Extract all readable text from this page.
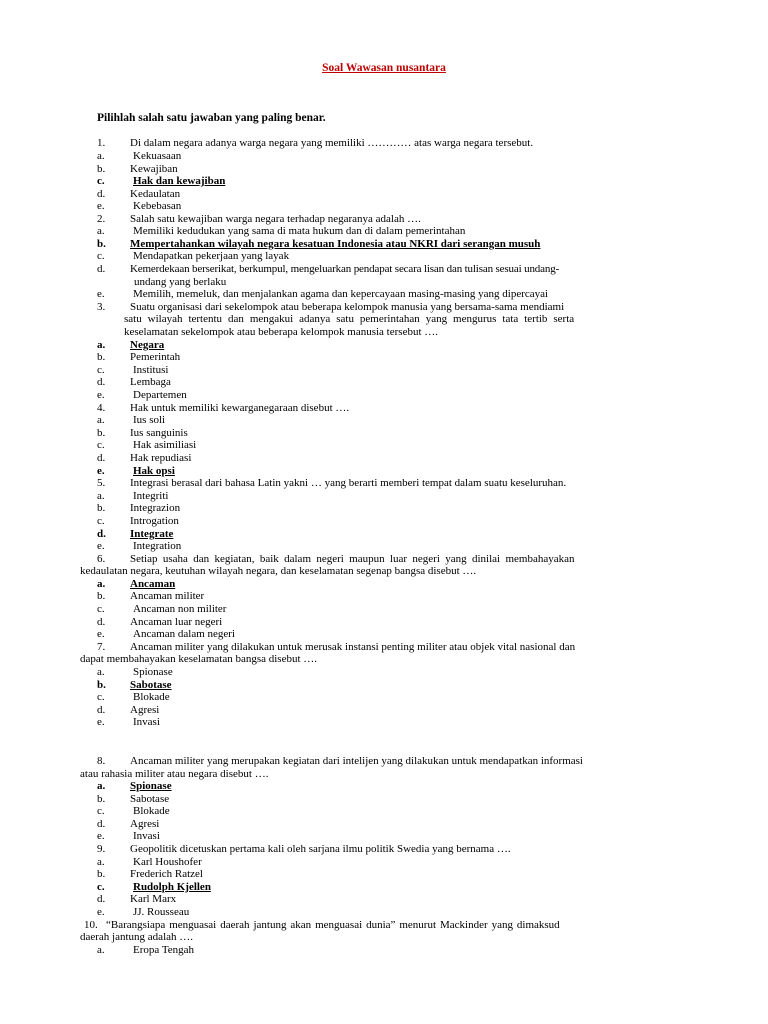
Soal Wawasan nusantara
Pilihlah salah satu jawaban yang paling benar.
1. Di dalam negara adanya warga negara yang memiliki ………… atas warga negara tersebut.
a.	Kekuasaan
b. Kewajiban
c.	Hak dan kewajiban
d. Kedaulatan
e.	Kebebasan
2. Salah satu kewajiban warga negara terhadap negaranya adalah ….
a.	Memiliki kedudukan yang sama di mata hukum dan di dalam pemerintahan
b. Mempertahankan wilayah negara kesatuan Indonesia atau NKRI dari serangan musuh
c.	Mendapatkan pekerjaan yang layak
d. Kemerdekaan berserikat, berkumpul, mengeluarkan pendapat secara lisan dan tulisan sesuai undang-
undang yang berlaku
e.	Memilih, memeluk, dan menjalankan agama dan kepercayaan masing-masing yang dipercayai
3. Suatu organisasi dari sekelompok atau beberapa kelompok manusia yang bersama-sama mendiami
satu wilayah tertentu dan mengakui adanya satu pemerintahan yang mengurus tata tertib serta
keselamatan sekelompok atau beberapa kelompok manusia tersebut ….
a. Negara
b. Pemerintah
c.	Institusi
d. Lembaga
e.	Departemen
4. Hak untuk memiliki kewarganegaraan disebut ….
a.	Ius soli
b. Ius sanguinis
c.	Hak asimiliasi
d. Hak repudiasi
e.	Hak opsi
5. Integrasi berasal dari bahasa Latin yakni … yang berarti memberi tempat dalam suatu keseluruhan.
a.	Integriti
b. Integrazion
c. Introgation
d. Integrate
e.	Integration
6. Setiap usaha dan kegiatan, baik dalam negeri maupun luar negeri yang dinilai membahayakan
kedaulatan negara, keutuhan wilayah negara, dan keselamatan segenap bangsa disebut ….
a. Ancaman
b. Ancaman militer
c.	Ancaman non militer
d. Ancaman luar negeri
e.	Ancaman dalam negeri
7. Ancaman militer yang dilakukan untuk merusak instansi penting militer atau objek vital nasional dan
dapat membahayakan keselamatan bangsa disebut ….
a.	Spionase
b. Sabotase
c.	Blokade
d. Agresi
e.	Invasi
8. Ancaman militer yang merupakan kegiatan dari intelijen yang dilakukan untuk mendapatkan informasi
atau rahasia militer atau negara disebut ….
a. Spionase
b. Sabotase
c.	Blokade
d. Agresi
e.	Invasi
9. Geopolitik dicetuskan pertama kali oleh sarjana ilmu politik Swedia yang bernama ….
a.	Karl Houshofer
b. Frederich Ratzel
c.	Rudolph Kjellen
d. Karl Marx
e.	JJ. Rousseau
10. “Barangsiapa menguasai daerah jantung akan menguasai dunia” menurut Mackinder yang dimaksud
daerah jantung adalah ….
a.	Eropa Tengah
